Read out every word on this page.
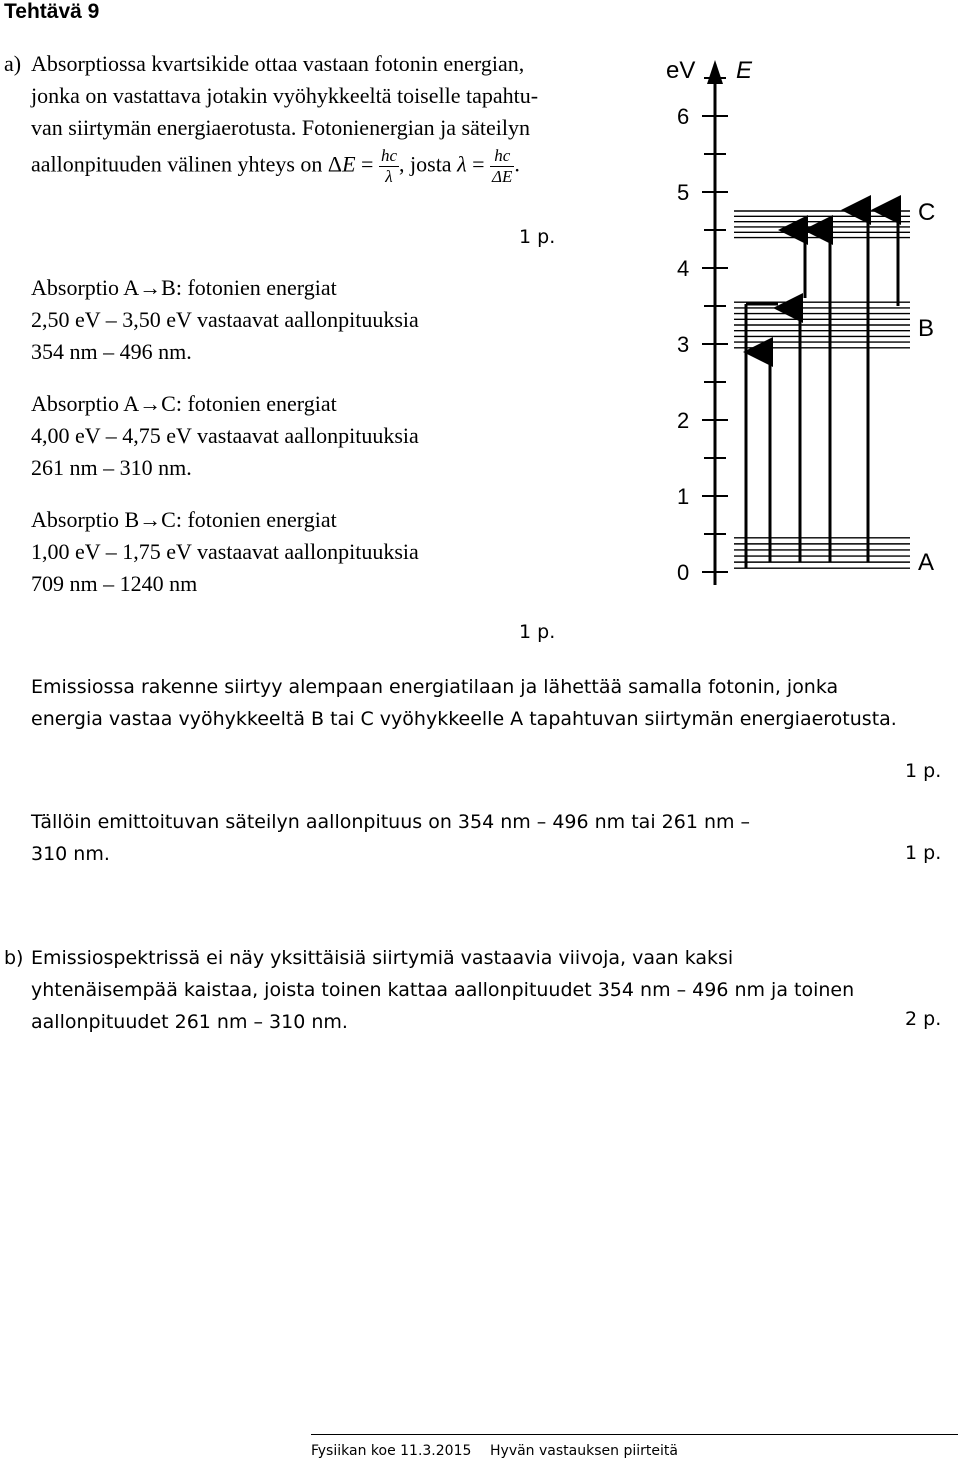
Tehtävä 9
a) Absorptiossa kvartsikide ottaa vastaan fotonin energian,
jonka on vastattava jotakin vyöhykkeeltä toiselle tapahtu-
van siirtymän energiaerotusta. Fotonienergian ja säteilyn
aallonpituuden välinen yhteys on $\Delta E = \frac{hc}{\lambda}$ , josta $\lambda = \frac{hc}{\Delta E}$ .
1 p.
Absorptio A→B: fotonien energiat
2,50 eV – 3,50 eV vastaavat aallonpituuksia
354 nm – 496 nm.
Absorptio A→C: fotonien energiat
4,00 eV – 4,75 eV vastaavat aallonpituuksia
261 nm – 310 nm.
Absorptio B→C: fotonien energiat
1,00 eV – 1,75 eV vastaavat aallonpituuksia
709 nm – 1240 nm
1 p.
Emissiossa rakenne siirtyy alempaan energiatilaan ja lähettää samalla fotonin, jonka
energia vastaa vyöhykkeeltä B tai C vyöhykkeelle A tapahtuvan siirtymän energiaerotusta.
1 p.
Tällöin emittoituvan säteilyn aallonpituus on 354 nm – 496 nm tai 261 nm –
310 nm.	1 p.
b) Emissiospektrissä ei näy yksittäisiä siirtymiä vastaavia viivoja, vaan kaksi
yhtenäisempää kaistaa, joista toinen kattaa aallonpituudet 354 nm – 496 nm ja toinen
aallonpituudet 261 nm – 310 nm.	2 p.
eV E
0
1
2
3
4
5
6
A
B
C
Fysiikan koe 11.3.2015 Hyvän vastauksen piirteitä
